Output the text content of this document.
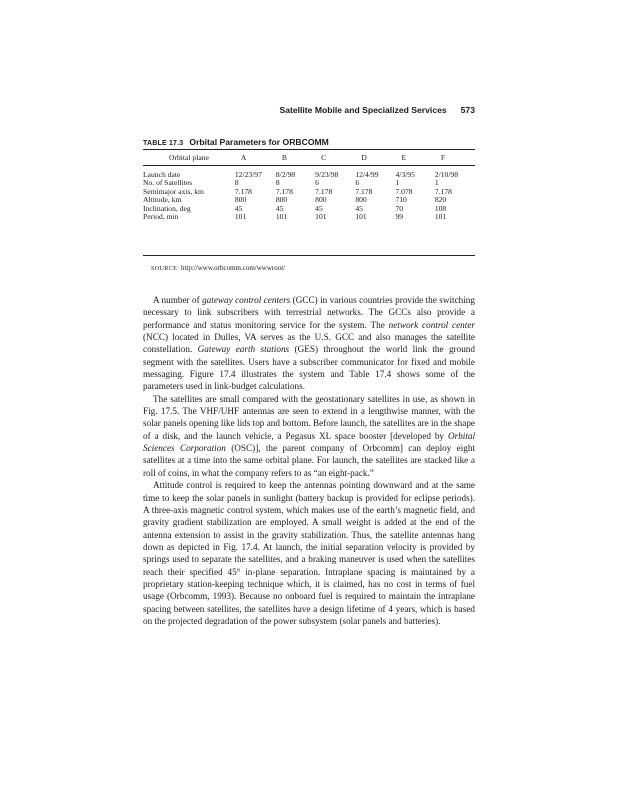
Satellite Mobile and Specialized Services 573
TABLE 17.3 Orbital Parameters for ORBCOMM
Orbital plane	A	B	C	D	E	F

Launch date	12/23/97	8/2/98	9/23/98	12/4/99	4/3/95	2/10/98
No. of Satellites	8	8	6	6	1	1
Semimajor axis, km	7.178	7.178	7.178	7.178	7.078	7.178
Altitude, km	800	800	800	800	710	820
Inclination, deg	45	45	45	45	70	108
Period, min	101	101	101	101	99	101
SOURCE: http://www.orbcomm.com/wwwroot/

A number of gateway control centers (GCC) in various countries provide the switching necessary to link subscribers with terrestrial networks. The GCCs also provide a performance and status monitoring service for the system. The network control center (NCC) located in Dulles, VA serves as the U.S. GCC and also manages the satellite constellation. Gateway earth stations (GES) throughout the world link the ground segment with the satellites. Users have a subscriber communicator for fixed and mobile messaging. Figure 17.4 illustrates the system and Table 17.4 shows some of the parameters used in link-budget calculations.

The satellites are small compared with the geostationary satellites in use, as shown in Fig. 17.5. The VHF/UHF antennas are seen to extend in a lengthwise manner, with the solar panels opening like lids top and bottom. Before launch, the satellites are in the shape of a disk, and the launch vehicle, a Pegasus XL space booster [developed by Orbital Sciences Corporation (OSC)], the parent company of Orbcomm] can deploy eight satellites at a time into the same orbital plane. For launch, the satellites are stacked like a roll of coins, in what the company refers to as “an eight-pack.”

Attitude control is required to keep the antennas pointing downward and at the same time to keep the solar panels in sunlight (battery backup is provided for eclipse periods). A three-axis magnetic control system, which makes use of the earth’s magnetic field, and gravity gradient stabilization are employed. A small weight is added at the end of the antenna extension to assist in the gravity stabilization. Thus, the satellite antennas hang down as depicted in Fig. 17.4. At launch, the initial separation velocity is provided by springs used to separate the satellites, and a braking maneuver is used when the satellites reach their specified 45° in-plane separation. Intraplane spacing is maintained by a proprietary station-keeping technique which, it is claimed, has no cost in terms of fuel usage (Orbcomm, 1993). Because no onboard fuel is required to maintain the intraplane spacing between satellites, the satellites have a design lifetime of 4 years, which is based on the projected degradation of the power subsystem (solar panels and batteries).
